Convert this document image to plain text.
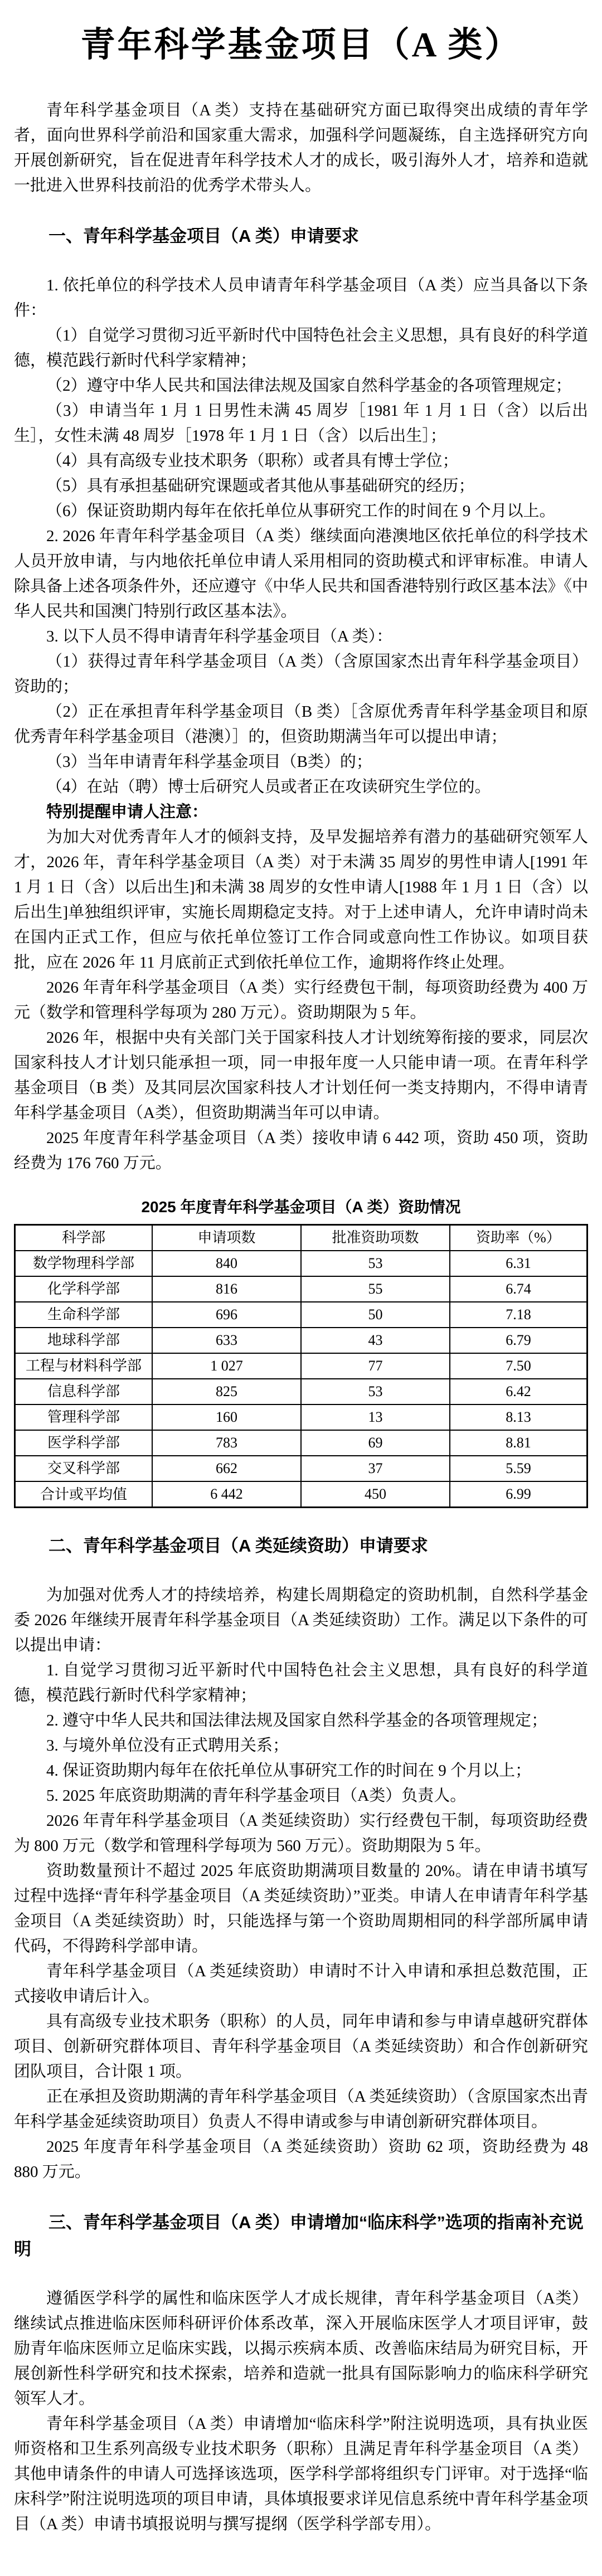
青年科学基金项目（A 类）

青年科学基金项目（A 类）支持在基础研究方面已取得突出成绩的青年学者，面向世界科学前沿和国家重大需求，加强科学问题凝练，自主选择研究方向开展创新研究，旨在促进青年科学技术人才的成长，吸引海外人才，培养和造就一批进入世界科技前沿的优秀学术带头人。

一、青年科学基金项目（A 类）申请要求

1. 依托单位的科学技术人员申请青年科学基金项目（A 类）应当具备以下条件：

（1）自觉学习贯彻习近平新时代中国特色社会主义思想，具有良好的科学道德，模范践行新时代科学家精神；

（2）遵守中华人民共和国法律法规及国家自然科学基金的各项管理规定；

（3）申请当年 1 月 1 日男性未满 45 周岁［1981 年 1 月 1 日（含）以后出生］，女性未满 48 周岁［1978 年 1 月 1 日（含）以后出生］；

（4）具有高级专业技术职务（职称）或者具有博士学位；

（5）具有承担基础研究课题或者其他从事基础研究的经历；

（6）保证资助期内每年在依托单位从事研究工作的时间在 9 个月以上。

2. 2026 年青年科学基金项目（A 类）继续面向港澳地区依托单位的科学技术人员开放申请，与内地依托单位申请人采用相同的资助模式和评审标准。申请人除具备上述各项条件外，还应遵守《中华人民共和国香港特别行政区基本法》《中华人民共和国澳门特别行政区基本法》。

3. 以下人员不得申请青年科学基金项目（A 类）：

（1）获得过青年科学基金项目（A 类）（含原国家杰出青年科学基金项目）资助的；

（2）正在承担青年科学基金项目（B 类）［含原优秀青年科学基金项目和原优秀青年科学基金项目（港澳）］的，但资助期满当年可以提出申请；

（3）当年申请青年科学基金项目（B类）的；

（4）在站（聘）博士后研究人员或者正在攻读研究生学位的。

特别提醒申请人注意：

为加大对优秀青年人才的倾斜支持，及早发掘培养有潜力的基础研究领军人才，2026 年，青年科学基金项目（A 类）对于未满 35 周岁的男性申请人[1991 年 1 月 1 日（含）以后出生]和未满 38 周岁的女性申请人[1988 年 1 月 1 日（含）以后出生]单独组织评审，实施长周期稳定支持。对于上述申请人，允许申请时尚未在国内正式工作，但应与依托单位签订工作合同或意向性工作协议。如项目获批，应在 2026 年 11 月底前正式到依托单位工作，逾期将作终止处理。

2026 年青年科学基金项目（A 类）实行经费包干制，每项资助经费为 400 万元（数学和管理科学每项为 280 万元）。资助期限为 5 年。

2026 年，根据中央有关部门关于国家科技人才计划统筹衔接的要求，同层次国家科技人才计划只能承担一项，同一申报年度一人只能申请一项。在青年科学基金项目（B 类）及其同层次国家科技人才计划任何一类支持期内，不得申请青年科学基金项目（A类），但资助期满当年可以申请。

2025 年度青年科学基金项目（A 类）接收申请 6 442 项，资助 450 项，资助经费为 176 760 万元。

2025 年度青年科学基金项目（A 类）资助情况
科学部	申请项数	批准资助项数	资助率（%）
数学物理科学部	840	53	6.31
化学科学部	816	55	6.74
生命科学部	696	50	7.18
地球科学部	633	43	6.79
工程与材料科学部	1 027	77	7.50
信息科学部	825	53	6.42
管理科学部	160	13	8.13
医学科学部	783	69	8.81
交叉科学部	662	37	5.59
合计或平均值	6 442	450	6.99
二、青年科学基金项目（A 类延续资助）申请要求

为加强对优秀人才的持续培养，构建长周期稳定的资助机制，自然科学基金委 2026 年继续开展青年科学基金项目（A 类延续资助）工作。满足以下条件的可以提出申请：

1. 自觉学习贯彻习近平新时代中国特色社会主义思想，具有良好的科学道德，模范践行新时代科学家精神；

2. 遵守中华人民共和国法律法规及国家自然科学基金的各项管理规定；

3. 与境外单位没有正式聘用关系；

4. 保证资助期内每年在依托单位从事研究工作的时间在 9 个月以上；

5. 2025 年底资助期满的青年科学基金项目（A类）负责人。

2026 年青年科学基金项目（A 类延续资助）实行经费包干制，每项资助经费为 800 万元（数学和管理科学每项为 560 万元）。资助期限为 5 年。

资助数量预计不超过 2025 年底资助期满项目数量的 20%。请在申请书填写过程中选择“青年科学基金项目（A 类延续资助）”亚类。申请人在申请青年科学基金项目（A 类延续资助）时，只能选择与第一个资助周期相同的科学部所属申请代码，不得跨科学部申请。

青年科学基金项目（A 类延续资助）申请时不计入申请和承担总数范围，正式接收申请后计入。

具有高级专业技术职务（职称）的人员，同年申请和参与申请卓越研究群体项目、创新研究群体项目、青年科学基金项目（A 类延续资助）和合作创新研究团队项目，合计限 1 项。

正在承担及资助期满的青年科学基金项目（A 类延续资助）（含原国家杰出青年科学基金延续资助项目）负责人不得申请或参与申请创新研究群体项目。

2025 年度青年科学基金项目（A 类延续资助）资助 62 项，资助经费为 48 880 万元。

三、青年科学基金项目（A 类）申请增加“临床科学”选项的指南补充说明

遵循医学科学的属性和临床医学人才成长规律，青年科学基金项目（A类）继续试点推进临床医师科研评价体系改革，深入开展临床医学人才项目评审，鼓励青年临床医师立足临床实践，以揭示疾病本质、改善临床结局为研究目标，开展创新性科学研究和技术探索，培养和造就一批具有国际影响力的临床科学研究领军人才。

青年科学基金项目（A 类）申请增加“临床科学”附注说明选项，具有执业医师资格和卫生系列高级专业技术职务（职称）且满足青年科学基金项目（A 类）其他申请条件的申请人可选择该选项，医学科学部将组织专门评审。对于选择“临床科学”附注说明选项的项目申请，具体填报要求详见信息系统中青年科学基金项目（A 类）申请书填报说明与撰写提纲（医学科学部专用）。
